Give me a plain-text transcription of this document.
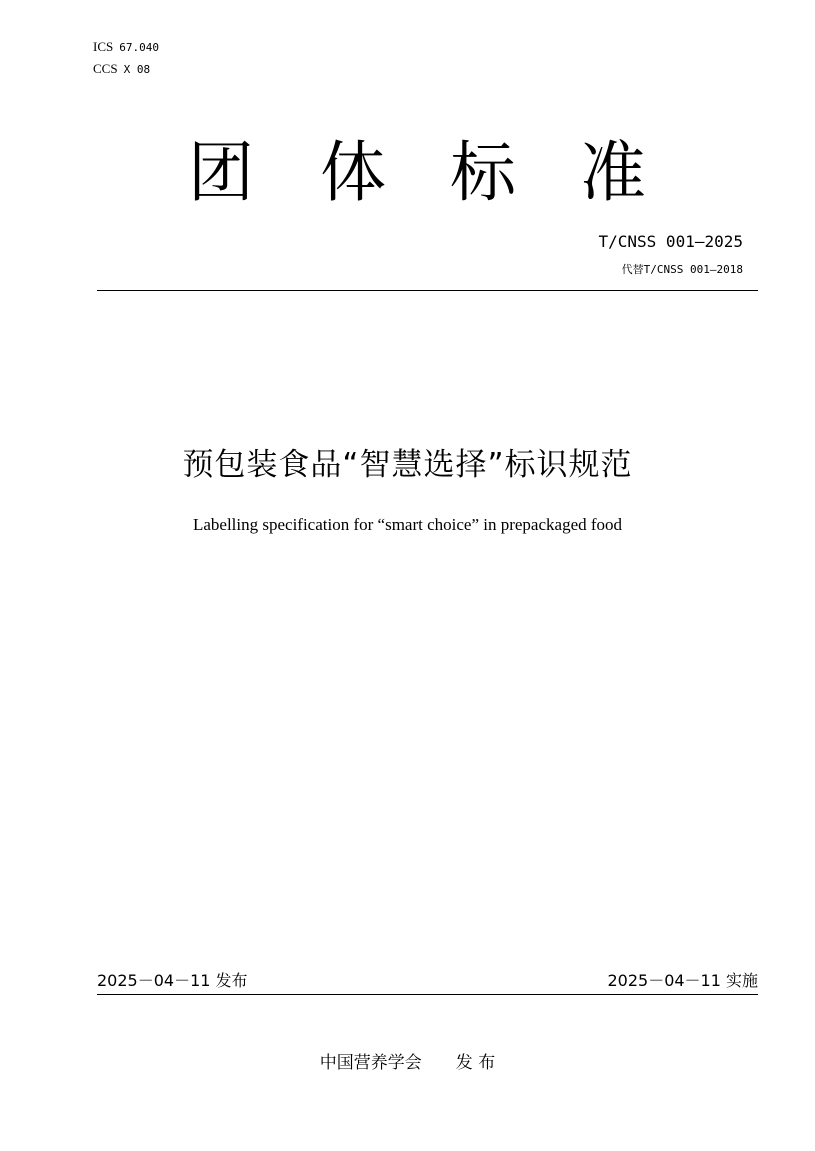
ICS 67.040
CCS X 08
团 体 标 准
T/CNSS 001—2025
代替T/CNSS 001—2018
预包装食品“智慧选择”标识规范
Labelling specification for “smart choice” in prepackaged food
2025－04－11 发布	2025－04－11 实施
中国营养学会 发 布
